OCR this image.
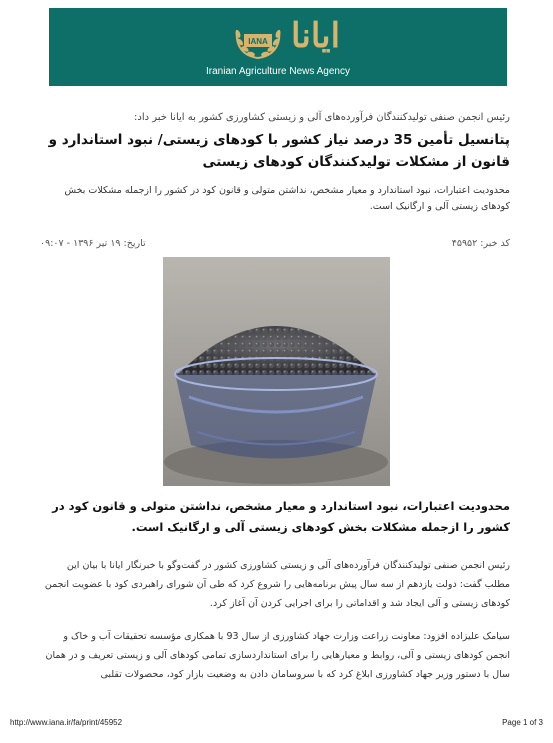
IANA ایانا
Iranian Agriculture News Agency
رئیس انجمن صنفی تولیدکنندگان فرآورده‌های آلی و زیستی کشاورزی کشور به ایانا خبر داد:
پتانسیل تأمین 35 درصد نیاز کشور با کودهای زیستی/ نبود استاندارد و قانون از مشکلات تولیدکنندگان کودهای زیستی
محدودیت اعتبارات، نبود استاندارد و معیار مشخص، نداشتن متولی و قانون کود در کشور را ازجمله مشکلات بخش کودهای زیستی آلی و ارگانیک است.
کد خبر: ۴۵۹۵۲
تاریخ: ۱۹ تیر ۱۳۹۶ - ۰۹:۰۷
محدودیت اعتبارات، نبود استاندارد و معیار مشخص، نداشتن متولی و قانون کود در کشور را ازجمله مشکلات بخش کودهای زیستی آلی و ارگانیک است.
رئیس انجمن صنفی تولیدکنندگان فرآورده‌های آلی و زیستی کشاورزی کشور در گفت‌وگو با خبرنگار ایانا با بیان این مطلب گفت: دولت یازدهم از سه سال پیش برنامه‌هایی را شروع کرد که طی آن شورای راهبردی کود با عضویت انجمن کودهای زیستی و آلی ایجاد شد و اقداماتی را برای اجرایی کردن آن آغاز کرد.
سیامک علیزاده افزود: معاونت زراعت وزارت جهاد کشاورزی از سال 93 با همکاری مؤسسه تحقیقات آب و خاک و انجمن کودهای زیستی و آلی، روابط و معیارهایی را برای استانداردسازی تمامی کودهای آلی و زیستی تعریف و در همان سال با دستور وزیر جهاد کشاورزی ابلاغ کرد که با سروسامان دادن به وضعیت بازار کود، محصولات تقلبی
http://www.iana.ir/fa/print/45952	Page 1 of 3
